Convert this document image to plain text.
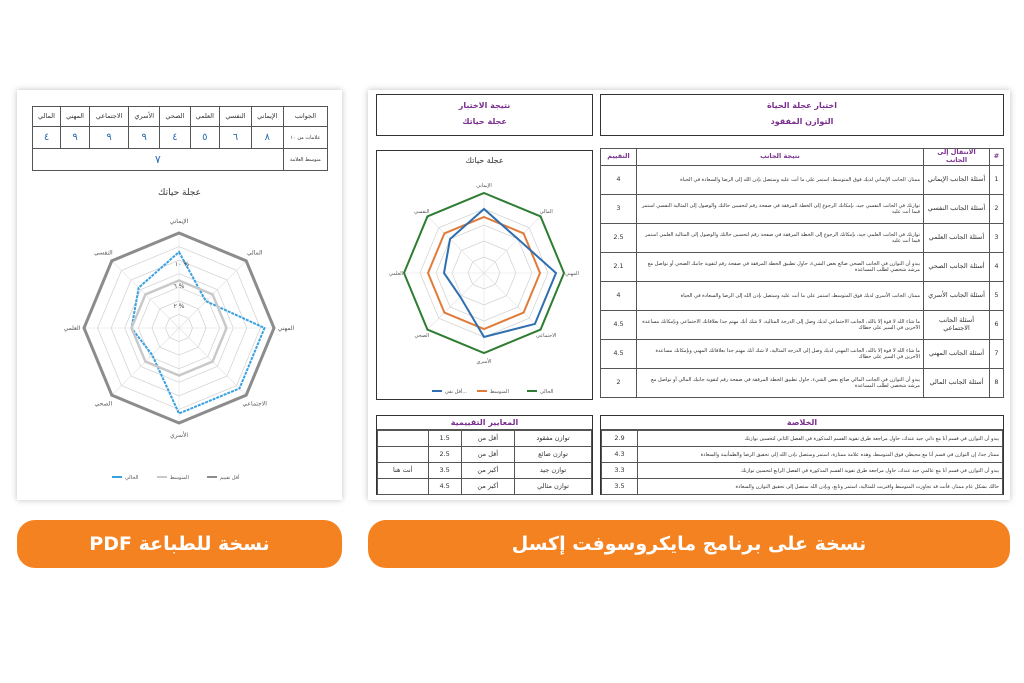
الجوانب	الإيماني	النفسي	العلمي	الصحي	الأسري	الاجتماعي	المهني	المالي
علامات من ١٠	٨	٦	٥	٤	٩	٩	٩	٤
متوسط العلامة	٧							
عجلة حياتك
الإيماني
المالي
المهني
الاجتماعي
الأسري
الصحي
العلمي
النفسي
١٠ %
٦ %
٢ %
الحالي	المتوسط	أقل تقييم
نتيجة الاختبار
عجلة حياتك
اختبار عجلة الحياة
التوازن المفقود
عجلة حياتك
الإيماني
المالي
المهني
الاجتماعي
الأسري
الصحي
العلمي
النفسي
أقل تقي...	المتوسط	الحالي
#	الانتقال إلى الجانب	نتيجة الجانب	التقييم
1	أسئلة الجانب الإيماني	ممتاز، الجانب الإيماني لديك فوق المتوسط، استمر على ما أنت عليه وستصل بإذن الله إلى الرضا والسعادة في الحياة	4
2	أسئلة الجانب النفسي	توازنك في الجانب النفسي جيد، بإمكانك الرجوع إلى الخطة المرفقة في صفحة رقم لتحسين حالتك والوصول إلى المثالية النفسي استمر فيما أنت عليه	3
3	أسئلة الجانب العلمي	توازنك في الجانب العلمي جيد، بإمكانك الرجوع إلى الخطة المرفقة في صفحة رقم لتحسين حالتك والوصول إلى المثالية العلمي استمر فيما أنت عليه	2.5
4	أسئلة الجانب الصحي	يبدو أن التوازن في الجانب الصحي ضائع بعض الشيء، حاول تطبيق الخطة المرفقة في صفحة رقم لتقوية جانبك الصحي أو تواصل مع مرشد شخصي لطلب المساعدة	2.1
5	أسئلة الجانب الأسري	ممتاز، الجانب الأسري لديك فوق المتوسط، استمر على ما أنت عليه وستصل بإذن الله إلى الرضا والسعادة في الحياة	4
6	أسئلة الجانب الاجتماعي	ما شاء الله لا قوة إلا بالله، الجانب الاجتماعي لديك وصل إلى الدرجة المثالية، لا شك أنك مهتم جدا بعلاقاتك الاجتماعي وبإمكانك مساعدة الآخرين في السير على خطاك	4.5
7	أسئلة الجانب المهني	ما شاء الله لا قوة إلا بالله، الجانب المهني لديك وصل إلى الدرجة المثالية، لا شك أنك مهتم جدا بعلاقاتك المهني وبإمكانك مساعدة الآخرين في السير على خطاك	4.5
8	أسئلة الجانب المالي	يبدو أن التوازن في الجانب المالي ضائع بعض الشيء، حاول تطبيق الخطة المرفقة في صفحة رقم لتقوية جانبك المالي أو تواصل مع مرشد شخصي لطلب المساعدة	2
المعايير التقييمية
توازن مفقود	أقل من	1.5	
توازن ضائع	أقل من	2.5	
توازن جيد	أكبر من	3.5	أنت هنا
توازن مثالي	أكبر من	4.5	
الخلاصة
يبدو أن التوازن في قسم أنا مع ذاتي جيد عندك، حاول مراجعة طرق تقوية القسم المذكورة في الفصل الثاني لتحسين توازنك	2.9
ممتاز جدا، إن التوازن في قسم أنا مع محيطي فوق المتوسط، وهذه علامة ممتازة، استمر وستصل بإذن الله إلى تحقيق الرضا والطمأنينة والسعادة	4.3
يبدو أن التوازن في قسم أنا مع عالمي جيد عندك، حاول مراجعة طرق تقوية القسم المذكورة في الفصل الرابع لتحسين توازنك	3.3
حالك بشكل عام ممتاز، فأنت قد تجاوزت المتوسط واقتربت للمثالية، استمر وتابع، وبإذن الله ستصل إلى تحقيق التوازن والسعادة	3.5
نسخة للطباعة PDF	نسخة على برنامج مايكروسوفت إكسل
